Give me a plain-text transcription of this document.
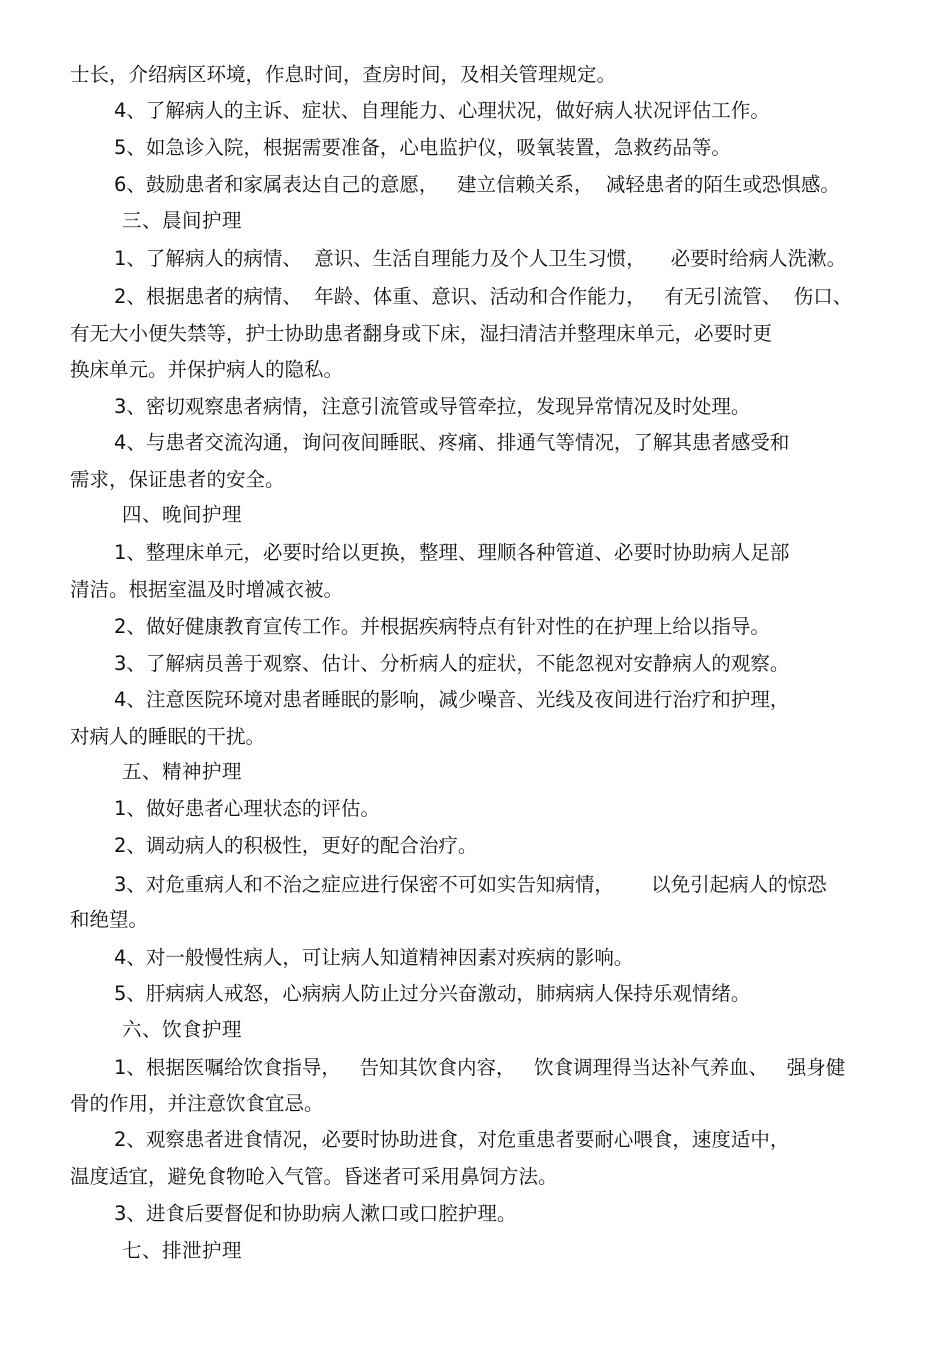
士长，介绍病区环境，作息时间，查房时间，及相关管理规定。
4、了解病人的主诉、症状、自理能力、心理状况，做好病人状况评估工作。
5、如急诊入院，根据需要准备，心电监护仪，吸氧装置，急救药品等。
6、鼓励患者和家属表达自己的意愿，   建立信赖关系，  减轻患者的陌生或恐惧感。
三、晨间护理
1、了解病人的病情、  意识、生活自理能力及个人卫生习惯，    必要时给病人洗漱。
2、根据患者的病情、  年龄、体重、意识、活动和合作能力，   有无引流管、  伤口、
有无大小便失禁等，护士协助患者翻身或下床，湿扫清洁并整理床单元，必要时更
换床单元。并保护病人的隐私。
3、密切观察患者病情，注意引流管或导管牵拉，发现异常情况及时处理。
4、与患者交流沟通，询问夜间睡眠、疼痛、排通气等情况，了解其患者感受和
需求，保证患者的安全。
四、晚间护理
1、整理床单元，必要时给以更换，整理、理顺各种管道、必要时协助病人足部
清洁。根据室温及时增减衣被。
2、做好健康教育宣传工作。并根据疾病特点有针对性的在护理上给以指导。
3、了解病员善于观察、估计、分析病人的症状，不能忽视对安静病人的观察。
4、注意医院环境对患者睡眠的影响，减少噪音、光线及夜间进行治疗和护理，
对病人的睡眠的干扰。
五、精神护理
1、做好患者心理状态的评估。
2、调动病人的积极性，更好的配合治疗。
3、对危重病人和不治之症应进行保密不可如实告知病情，      以免引起病人的惊恐
和绝望。
4、对一般慢性病人，可让病人知道精神因素对疾病的影响。
5、肝病病人戒怒，心病病人防止过分兴奋激动，肺病病人保持乐观情绪。
六、饮食护理
1、根据医嘱给饮食指导，   告知其饮食内容，   饮食调理得当达补气养血、   强身健
骨的作用，并注意饮食宜忌。
2、观察患者进食情况，必要时协助进食，对危重患者要耐心喂食，速度适中，
温度适宜，避免食物呛入气管。昏迷者可采用鼻饲方法。
3、进食后要督促和协助病人漱口或口腔护理。
七、排泄护理
